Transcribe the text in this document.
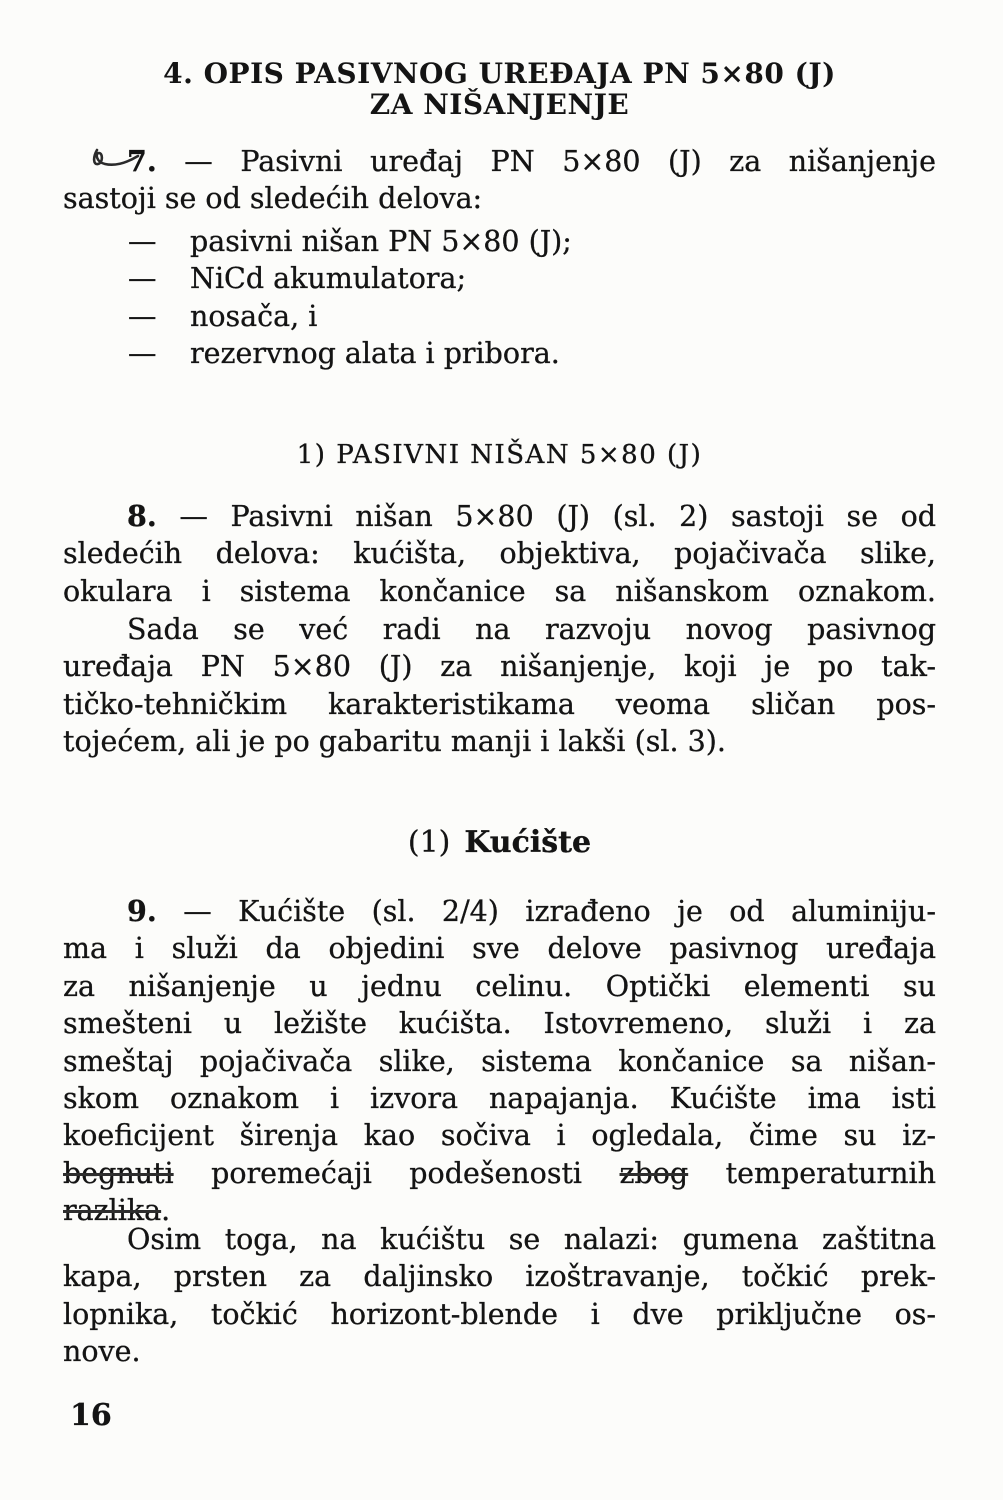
4. OPIS PASIVNOG UREĐAJA PN 5×80 (J)
ZA NIŠANJENJE
7. — Pasivni uređaj PN 5×80 (J) za nišanjenje
sastoji se od sledećih delova:
— pasivni nišan PN 5×80 (J);
— NiCd akumulatora;
— nosača, i
— rezervnog alata i pribora.
1) PASIVNI NIŠAN 5×80 (J)
8. — Pasivni nišan 5×80 (J) (sl. 2) sastoji se od
sledećih delova: kućišta, objektiva, pojačivača slike,
okulara i sistema končanice sa nišanskom oznakom.
Sada se već radi na razvoju novog pasivnog
uređaja PN 5×80 (J) za nišanjenje, koji je po tak-
tičko-tehničkim karakteristikama veoma sličan pos-
tojećem, ali je po gabaritu manji i lakši (sl. 3).
(1) Kućište
9. — Kućište (sl. 2/4) izrađeno je od aluminiju-
ma i služi da objedini sve delove pasivnog uređaja
za nišanjenje u jednu celinu. Optički elementi su
smešteni u ležište kućišta. Istovremeno, služi i za
smeštaj pojačivača slike, sistema končanice sa nišan-
skom oznakom i izvora napajanja. Kućište ima isti
koeficijent širenja kao sočiva i ogledala, čime su iz-
begnuti poremećaji podešenosti zbog temperaturnih
razlika.
Osim toga, na kućištu se nalazi: gumena zaštitna
kapa, prsten za daljinsko izoštravanje, točkić prek-
lopnika, točkić horizont-blende i dve priključne os-
nove.
16
